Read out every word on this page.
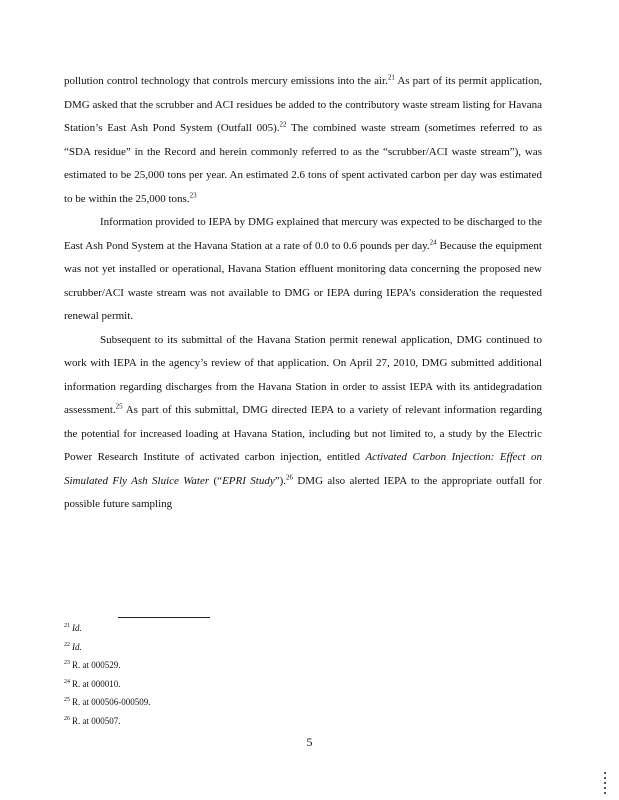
pollution control technology that controls mercury emissions into the air.$^{21}$ As part of its permit application, DMG asked that the scrubber and ACI residues be added to the contributory waste stream listing for Havana Station’s East Ash Pond System (Outfall 005).$^{22}$ The combined waste stream (sometimes referred to as “SDA residue” in the Record and herein commonly referred to as the “scrubber/ACI waste stream”), was estimated to be 25,000 tons per year. An estimated 2.6 tons of spent activated carbon per day was estimated to be within the 25,000 tons.$^{23}$

Information provided to IEPA by DMG explained that mercury was expected to be discharged to the East Ash Pond System at the Havana Station at a rate of 0.0 to 0.6 pounds per day.$^{24}$ Because the equipment was not yet installed or operational, Havana Station effluent monitoring data concerning the proposed new scrubber/ACI waste stream was not available to DMG or IEPA during IEPA’s consideration the requested renewal permit.

Subsequent to its submittal of the Havana Station permit renewal application, DMG continued to work with IEPA in the agency’s review of that application. On April 27, 2010, DMG submitted additional information regarding discharges from the Havana Station in order to assist IEPA with its antidegradation assessment.$^{25}$ As part of this submittal, DMG directed IEPA to a variety of relevant information regarding the potential for increased loading at Havana Station, including but not limited to, a study by the Electric Power Research Institute of activated carbon injection, entitled Activated Carbon Injection: Effect on Simulated Fly Ash Sluice Water (“EPRI Study”).$^{26}$ DMG also alerted IEPA to the appropriate outfall for possible future sampling

$^{21}$ Id.
$^{22}$ Id.
$^{23}$ R. at 000529.
$^{24}$ R. at 000010.
$^{25}$ R. at 000506-000509.
$^{26}$ R. at 000507.
5
